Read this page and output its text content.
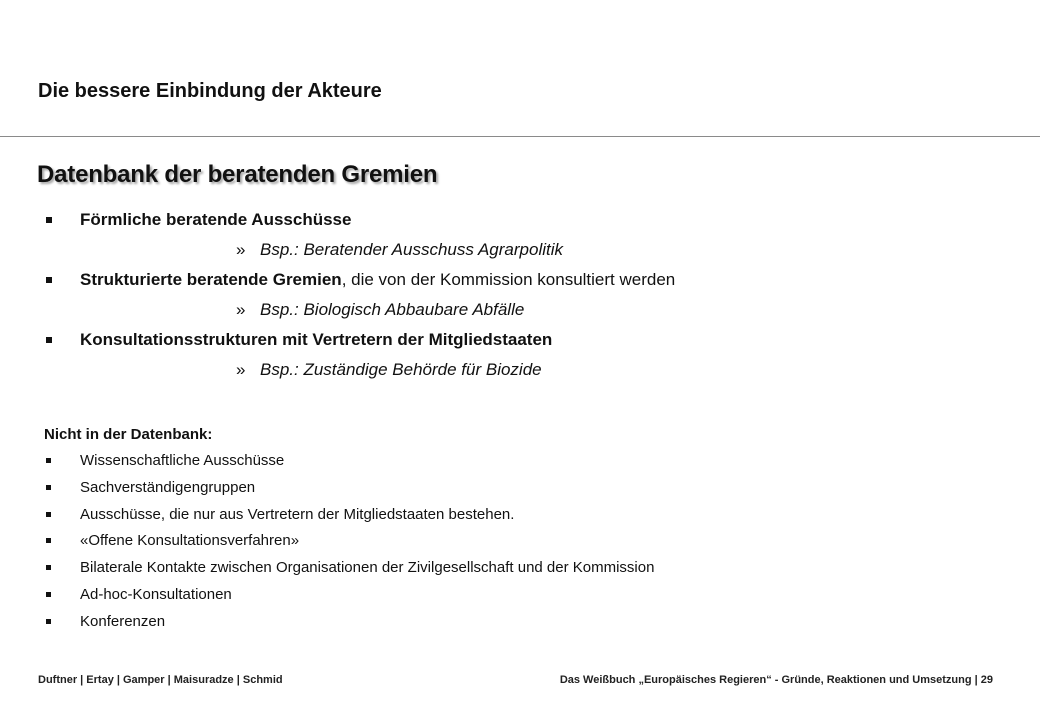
Die bessere Einbindung der Akteure
Datenbank der beratenden Gremien
Förmliche beratende Ausschüsse
» Bsp.: Beratender Ausschuss Agrarpolitik
Strukturierte beratende Gremien, die von der Kommission konsultiert werden
» Bsp.: Biologisch Abbaubare Abfälle
Konsultationsstrukturen mit Vertretern der Mitgliedstaaten
» Bsp.: Zuständige Behörde für Biozide
Nicht in der Datenbank:
Wissenschaftliche Ausschüsse
Sachverständigengruppen
Ausschüsse, die nur aus Vertretern der Mitgliedstaaten bestehen.
«Offene Konsultationsverfahren»
Bilaterale Kontakte zwischen Organisationen der Zivilgesellschaft und der Kommission
Ad-hoc-Konsultationen
Konferenzen
Duftner | Ertay | Gamper | Maisuradze | Schmid	Das Weißbuch „Europäisches Regieren“ - Gründe, Reaktionen und Umsetzung | 29
